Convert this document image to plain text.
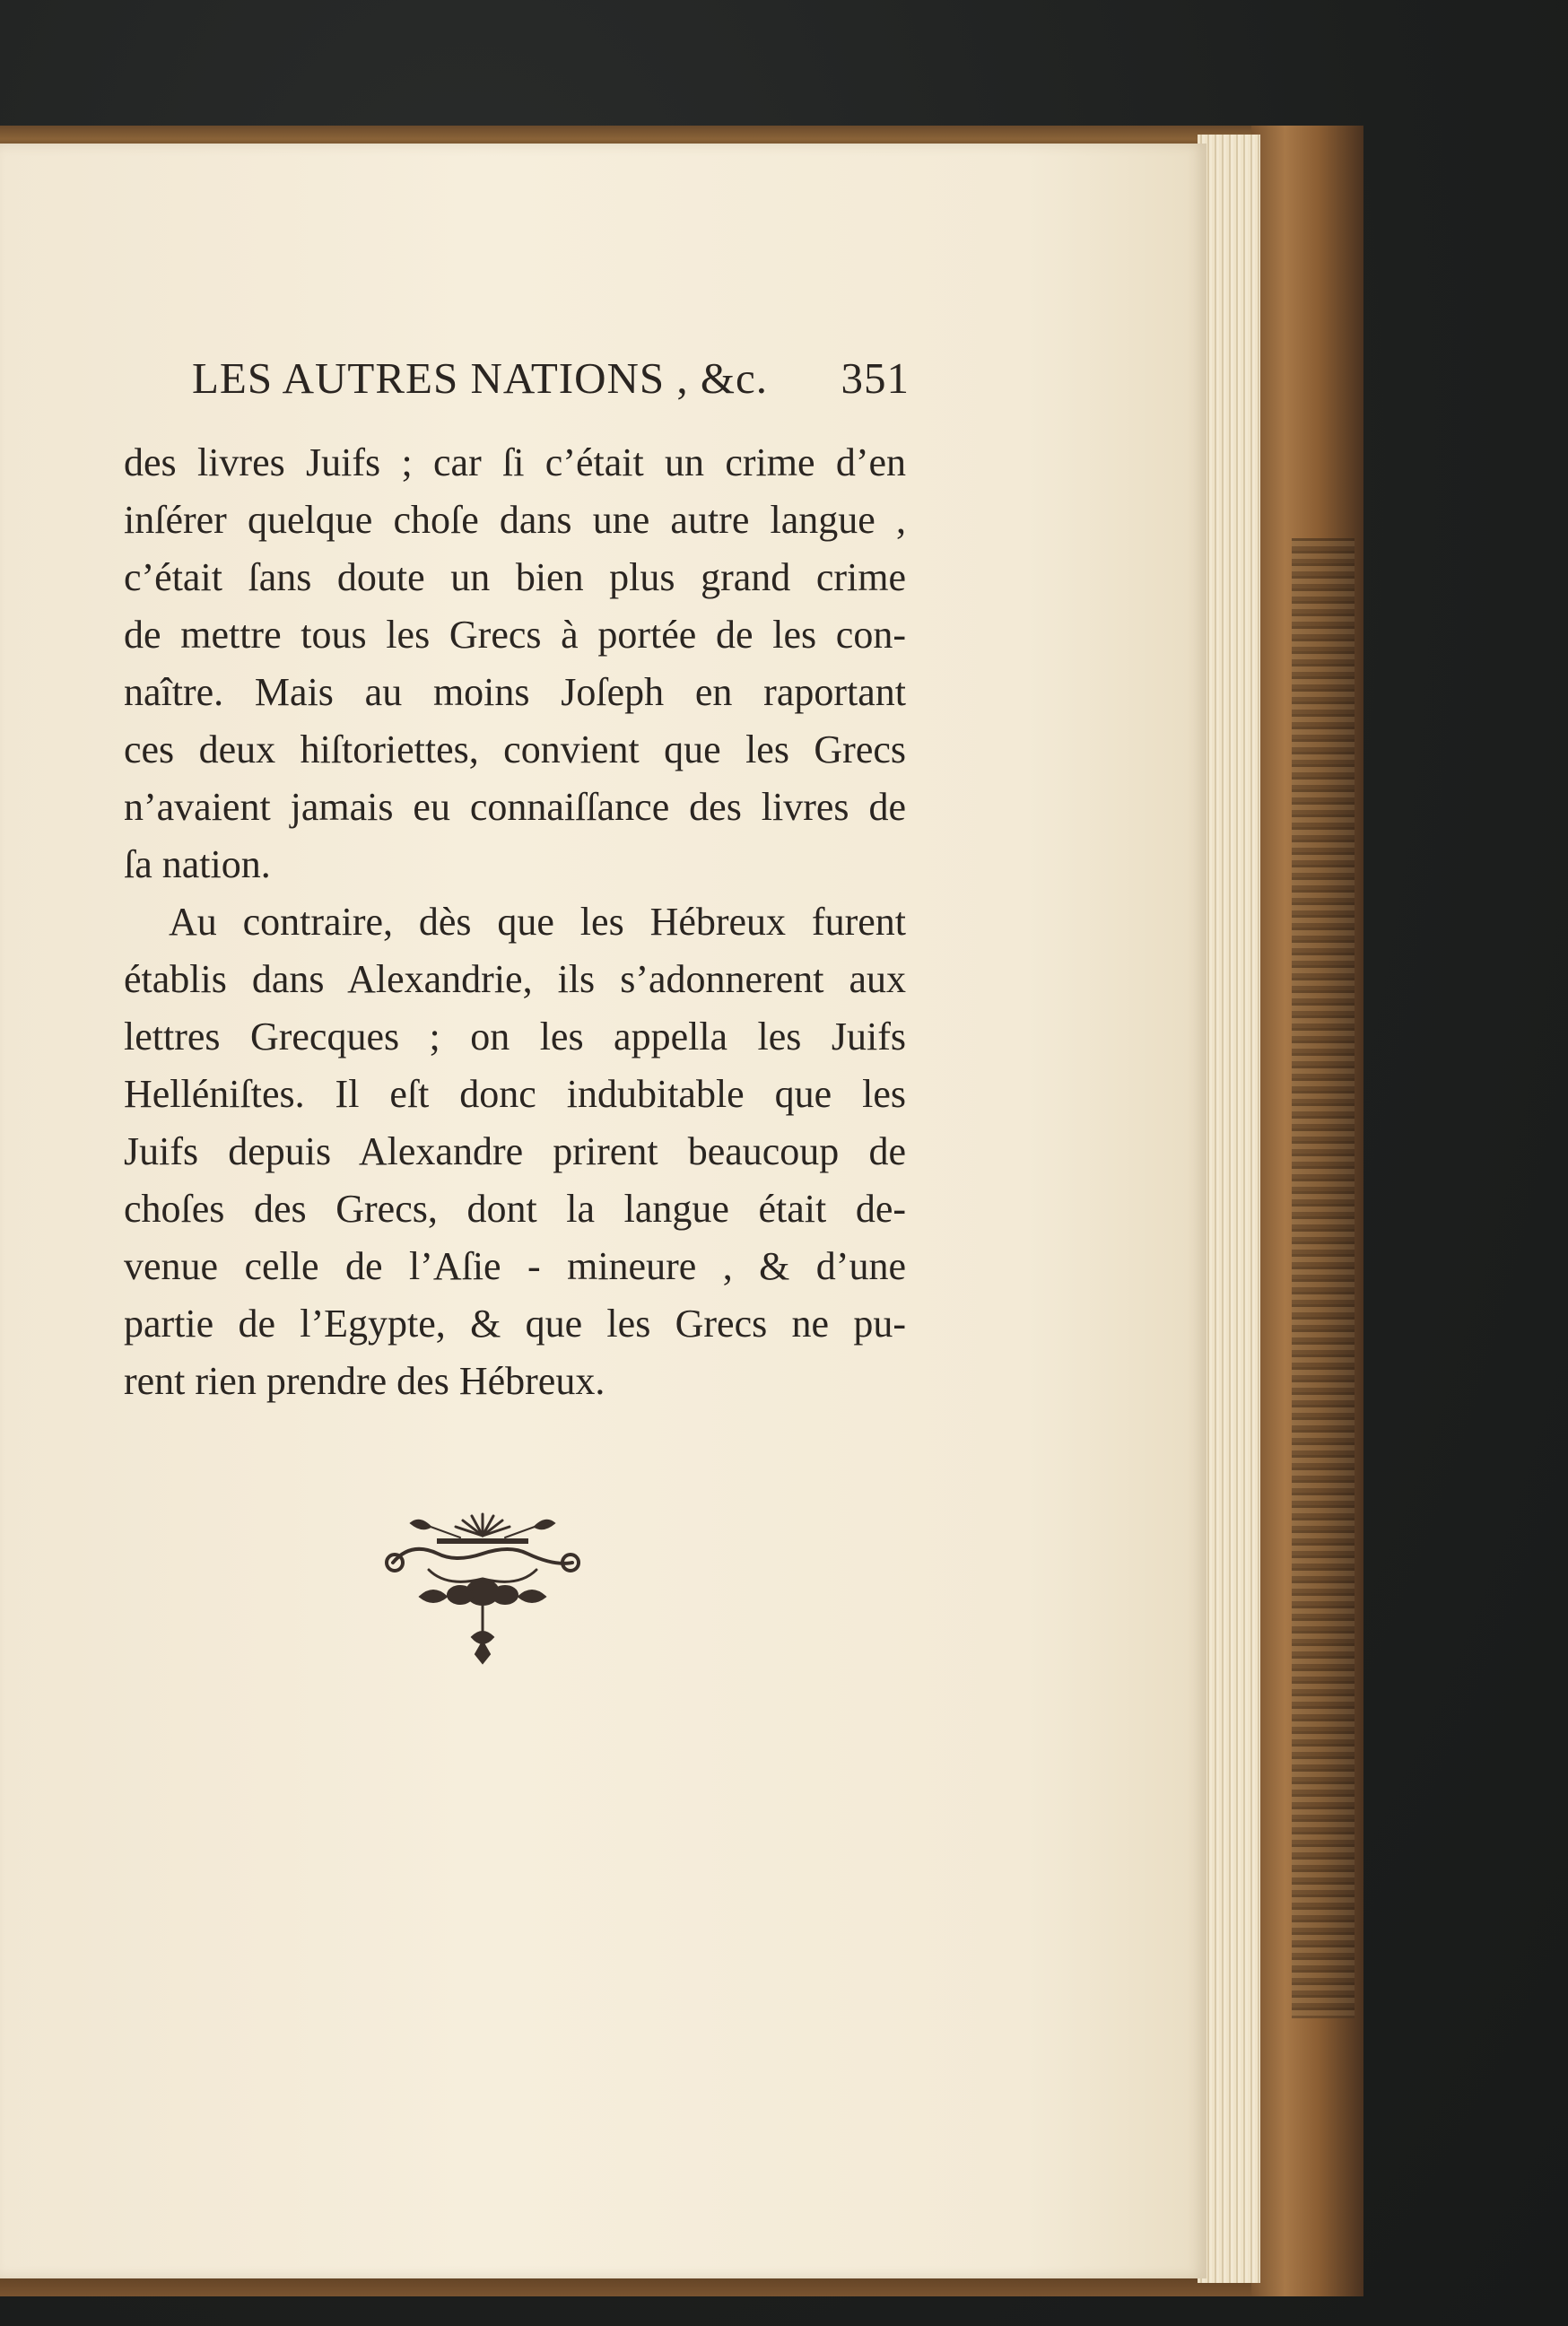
LES AUTRES NATIONS , &c. 351
des livres Juifs ; car ſi c’était un crime d’en
inſérer quelque choſe dans une autre langue ,
c’était ſans doute un bien plus grand crime
de mettre tous les Grecs à portée de les con-
naître. Mais au moins Joſeph en raportant
ces deux hiſtoriettes, convient que les Grecs
n’avaient jamais eu connaiſſance des livres de
ſa nation.
Au contraire, dès que les Hébreux furent
établis dans Alexandrie, ils s’adonnerent aux
lettres Grecques ; on les appella les Juifs
Helléniſtes. Il eſt donc indubitable que les
Juifs depuis Alexandre prirent beaucoup de
choſes des Grecs, dont la langue était de-
venue celle de l’Aſie - mineure , & d’une
partie de l’Egypte, & que les Grecs ne pu-
rent rien prendre des Hébreux.
